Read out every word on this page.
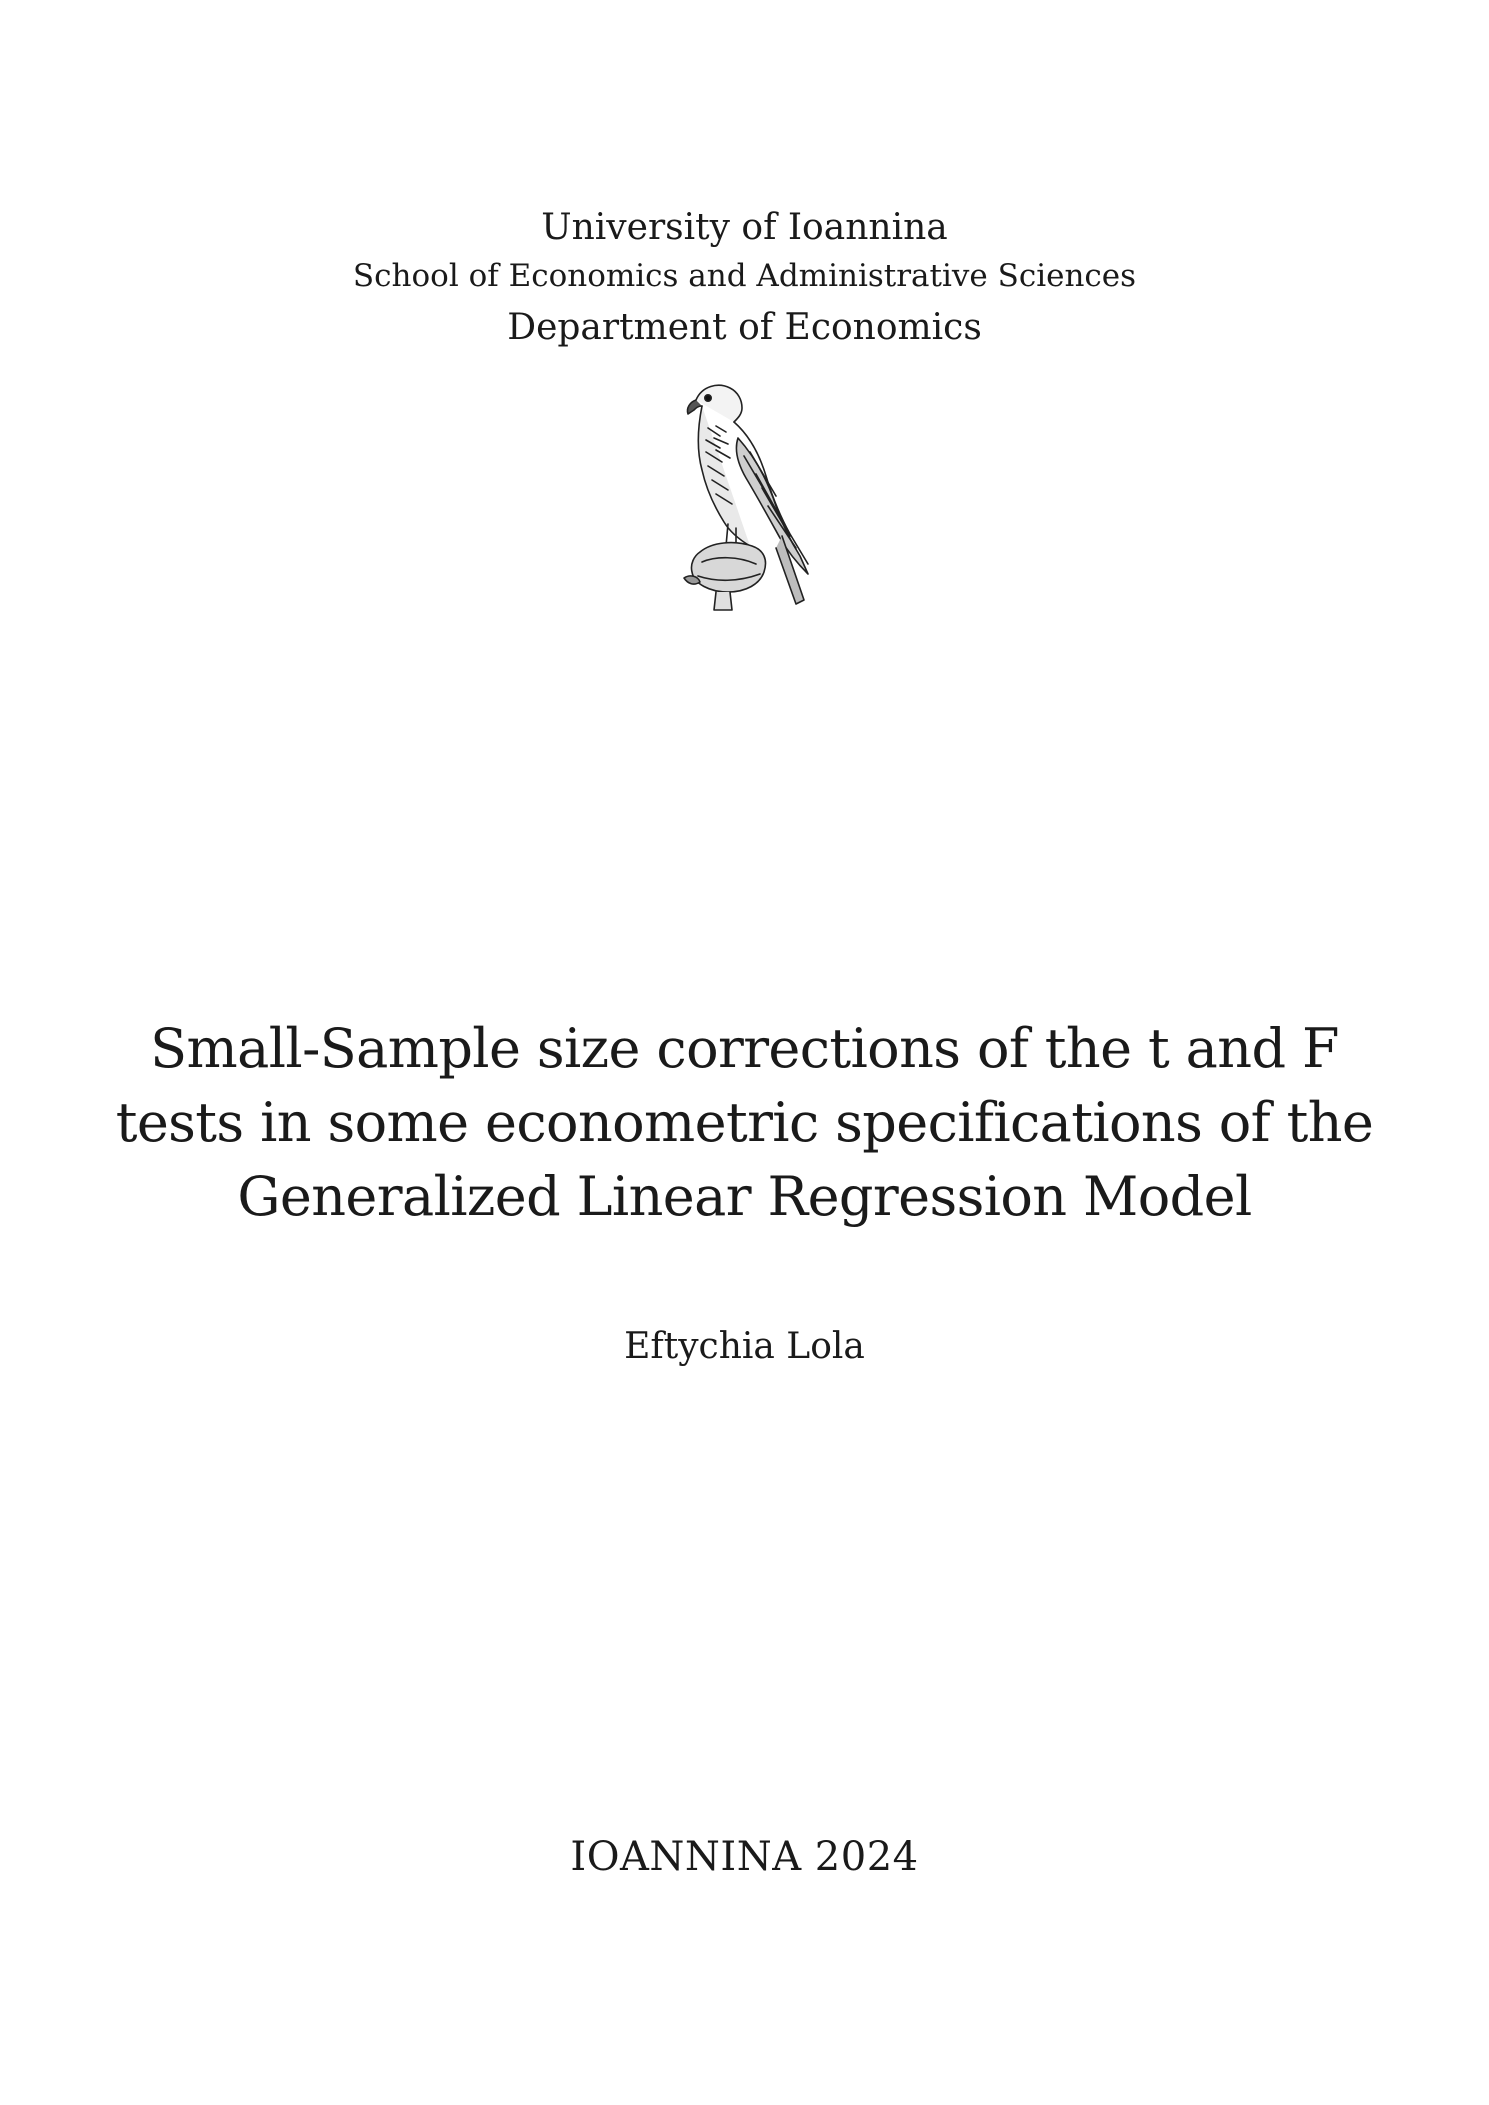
University of Ioannina
School of Economics and Administrative Sciences
Department of Economics
Small-Sample size corrections of the t and F
tests in some econometric specifications of the
Generalized Linear Regression Model
Eftychia Lola
IOANNINA 2024
